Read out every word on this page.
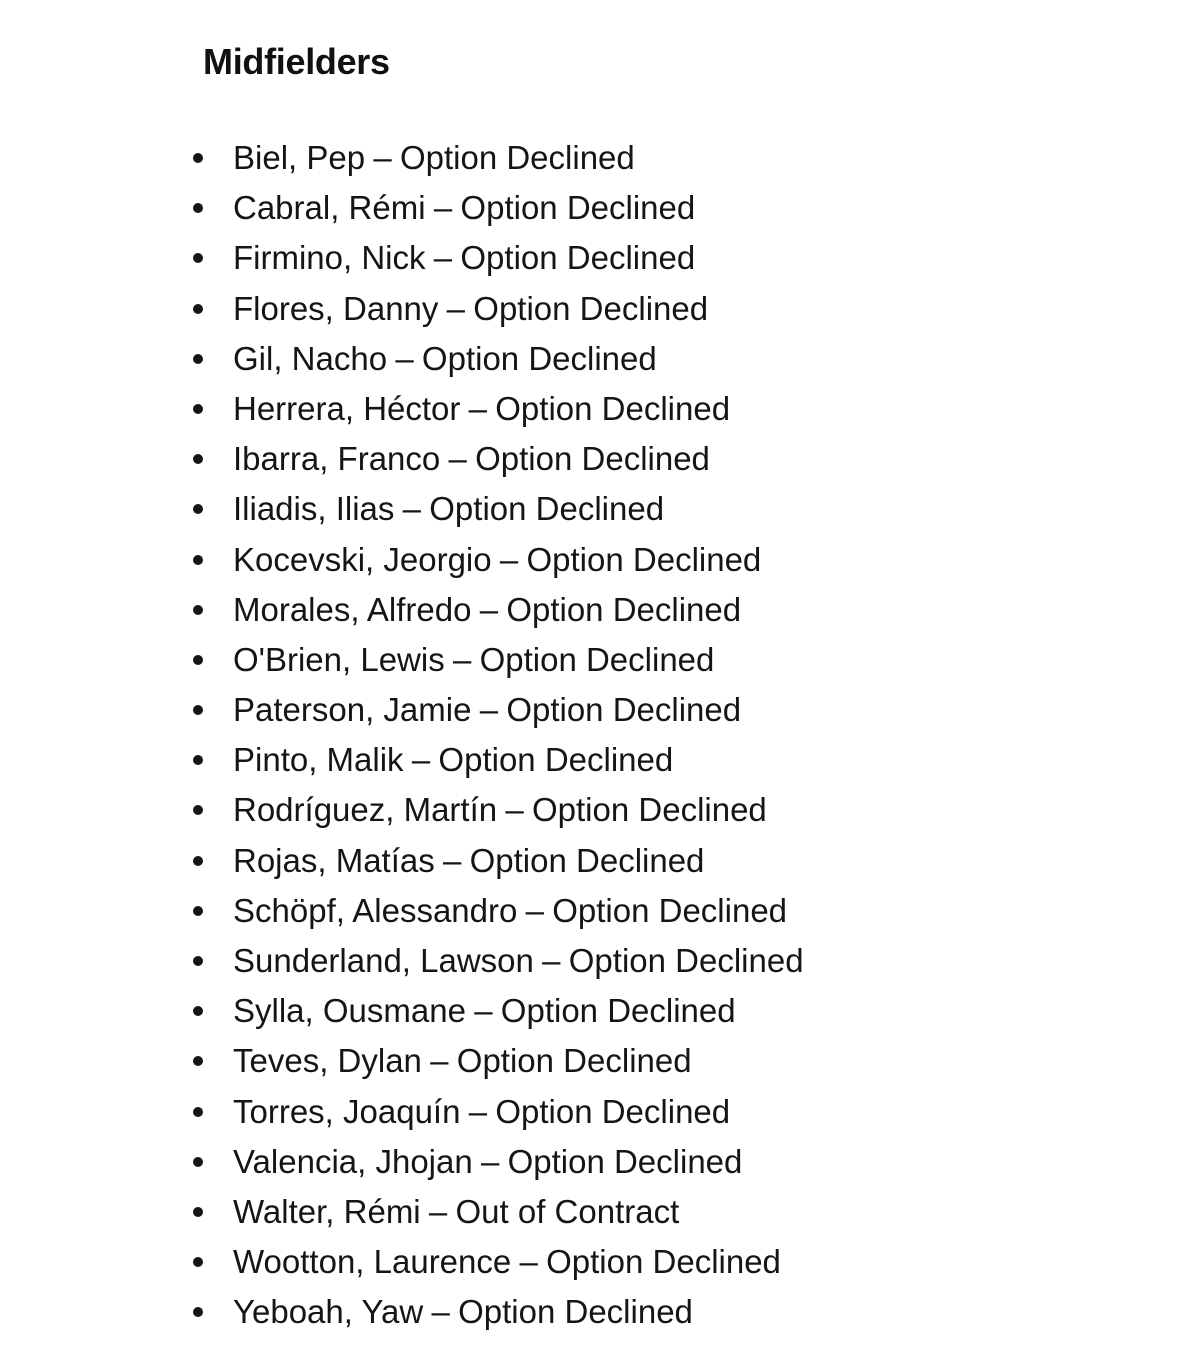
Midfielders
Biel, Pep – Option Declined
Cabral, Rémi – Option Declined
Firmino, Nick – Option Declined
Flores, Danny – Option Declined
Gil, Nacho – Option Declined
Herrera, Héctor – Option Declined
Ibarra, Franco – Option Declined
Iliadis, Ilias – Option Declined
Kocevski, Jeorgio – Option Declined
Morales, Alfredo – Option Declined
O'Brien, Lewis – Option Declined
Paterson, Jamie – Option Declined
Pinto, Malik – Option Declined
Rodríguez, Martín – Option Declined
Rojas, Matías – Option Declined
Schöpf, Alessandro – Option Declined
Sunderland, Lawson – Option Declined
Sylla, Ousmane – Option Declined
Teves, Dylan – Option Declined
Torres, Joaquín – Option Declined
Valencia, Jhojan – Option Declined
Walter, Rémi – Out of Contract
Wootton, Laurence – Option Declined
Yeboah, Yaw – Option Declined
